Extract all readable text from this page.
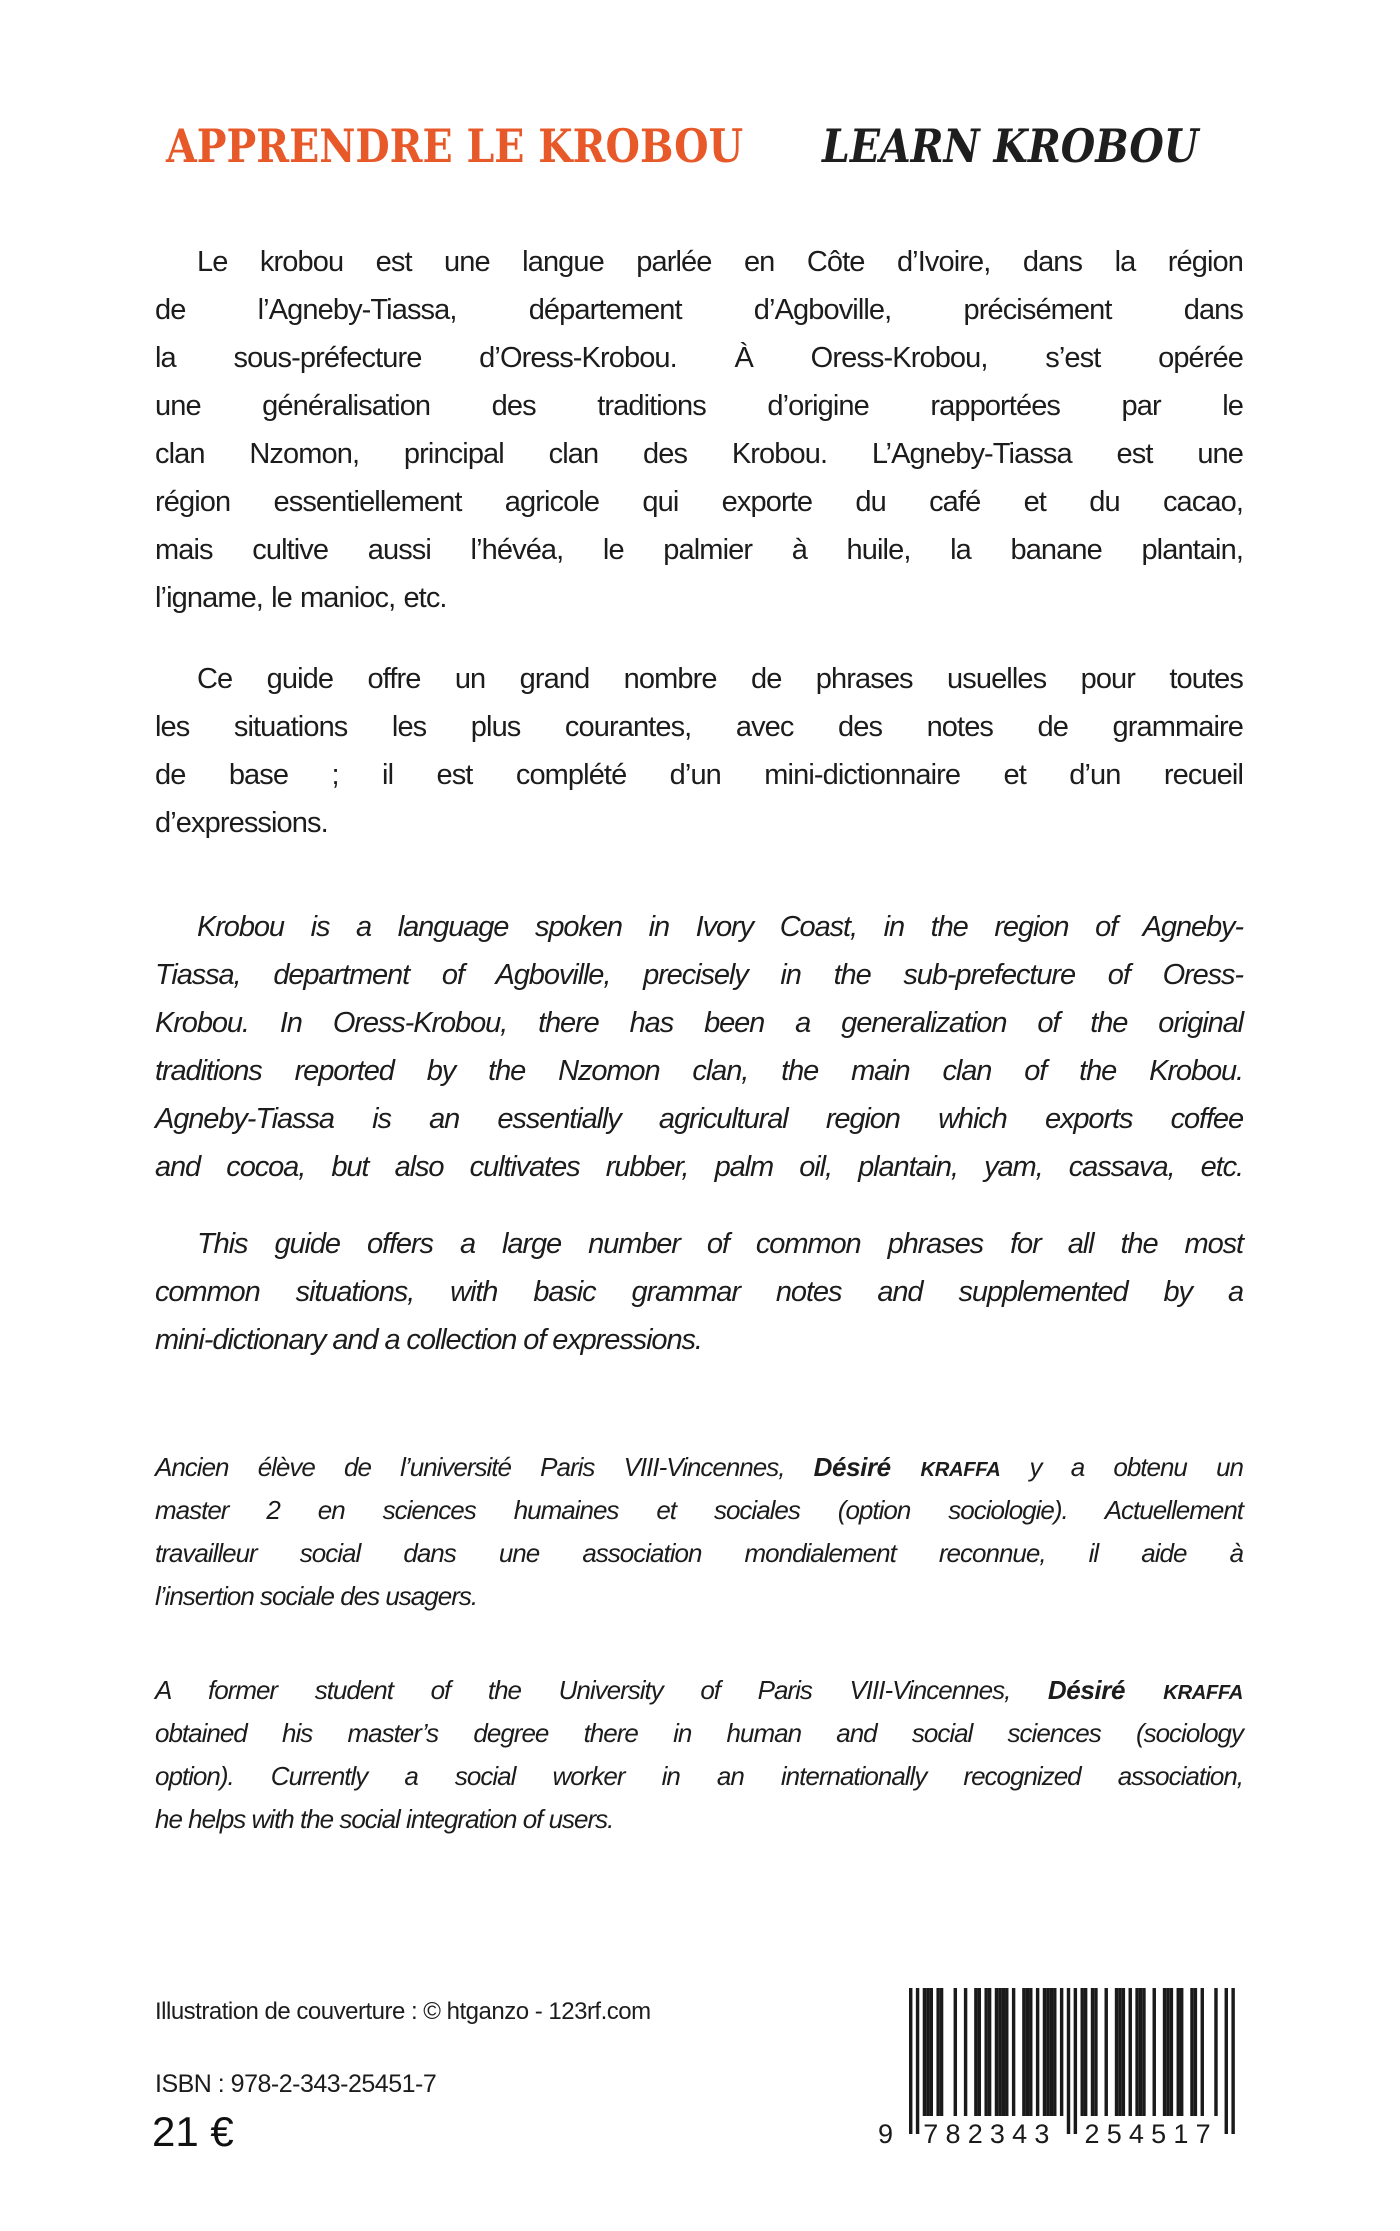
APPRENDRE LE KROBOU LEARN KROBOU
Le krobou est une langue parlée en Côte d’Ivoire, dans la région
de l’Agneby-Tiassa, département d’Agboville, précisément dans
la sous-préfecture d’Oress-Krobou. À Oress-Krobou, s’est opérée
une généralisation des traditions d’origine rapportées par le
clan Nzomon, principal clan des Krobou. L’Agneby-Tiassa est une
région essentiellement agricole qui exporte du café et du cacao,
mais cultive aussi l’hévéa, le palmier à huile, la banane plantain,
l’igname, le manioc, etc.
Ce guide offre un grand nombre de phrases usuelles pour toutes
les situations les plus courantes, avec des notes de grammaire
de base ; il est complété d’un mini-dictionnaire et d’un recueil
d’expressions.
Krobou is a language spoken in Ivory Coast, in the region of Agneby-
Tiassa, department of Agboville, precisely in the sub-prefecture of Oress-
Krobou. In Oress-Krobou, there has been a generalization of the original
traditions reported by the Nzomon clan, the main clan of the Krobou.
Agneby-Tiassa is an essentially agricultural region which exports coffee
and cocoa, but also cultivates rubber, palm oil, plantain, yam, cassava, etc.
This guide offers a large number of common phrases for all the most
common situations, with basic grammar notes and supplemented by a
mini-dictionary and a collection of expressions.
Ancien élève de l’université Paris VIII-Vincennes, Désiré KRAFFA y a obtenu un
master 2 en sciences humaines et sociales (option sociologie). Actuellement
travailleur social dans une association mondialement reconnue, il aide à
l’insertion sociale des usagers.
A former student of the University of Paris VIII-Vincennes, Désiré KRAFFA
obtained his master’s degree there in human and social sciences (sociology
option). Currently a social worker in an internationally recognized association,
he helps with the social integration of users.
Illustration de couverture : © htganzo - 123rf.com
ISBN : 978-2-343-25451-7
21 €	9 782343 254517
